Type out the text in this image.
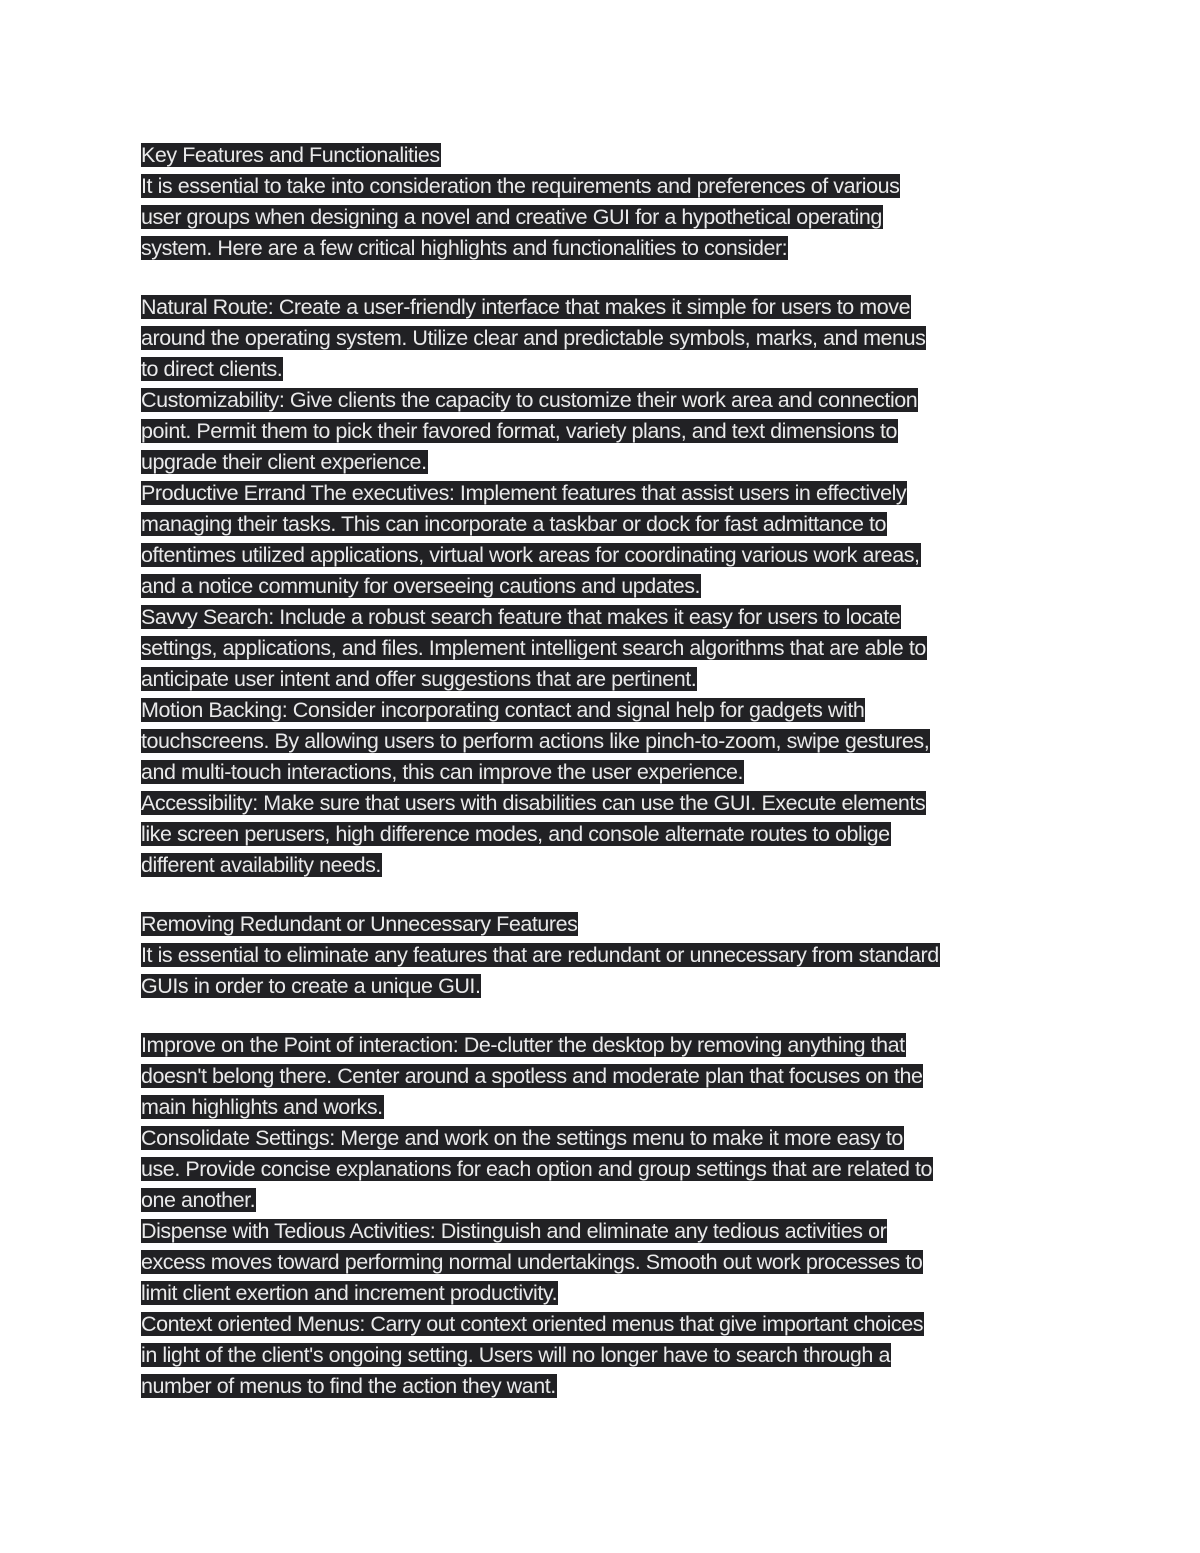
Key Features and Functionalities
It is essential to take into consideration the requirements and preferences of various
user groups when designing a novel and creative GUI for a hypothetical operating
system. Here are a few critical highlights and functionalities to consider:
Natural Route: Create a user-friendly interface that makes it simple for users to move
around the operating system. Utilize clear and predictable symbols, marks, and menus
to direct clients.
Customizability: Give clients the capacity to customize their work area and connection
point. Permit them to pick their favored format, variety plans, and text dimensions to
upgrade their client experience.
Productive Errand The executives: Implement features that assist users in effectively
managing their tasks. This can incorporate a taskbar or dock for fast admittance to
oftentimes utilized applications, virtual work areas for coordinating various work areas,
and a notice community for overseeing cautions and updates.
Savvy Search: Include a robust search feature that makes it easy for users to locate
settings, applications, and files. Implement intelligent search algorithms that are able to
anticipate user intent and offer suggestions that are pertinent.
Motion Backing: Consider incorporating contact and signal help for gadgets with
touchscreens. By allowing users to perform actions like pinch-to-zoom, swipe gestures,
and multi-touch interactions, this can improve the user experience.
Accessibility: Make sure that users with disabilities can use the GUI. Execute elements
like screen perusers, high difference modes, and console alternate routes to oblige
different availability needs.
Removing Redundant or Unnecessary Features
It is essential to eliminate any features that are redundant or unnecessary from standard
GUIs in order to create a unique GUI.
Improve on the Point of interaction: De-clutter the desktop by removing anything that
doesn't belong there. Center around a spotless and moderate plan that focuses on the
main highlights and works.
Consolidate Settings: Merge and work on the settings menu to make it more easy to
use. Provide concise explanations for each option and group settings that are related to
one another.
Dispense with Tedious Activities: Distinguish and eliminate any tedious activities or
excess moves toward performing normal undertakings. Smooth out work processes to
limit client exertion and increment productivity.
Context oriented Menus: Carry out context oriented menus that give important choices
in light of the client's ongoing setting. Users will no longer have to search through a
number of menus to find the action they want.
